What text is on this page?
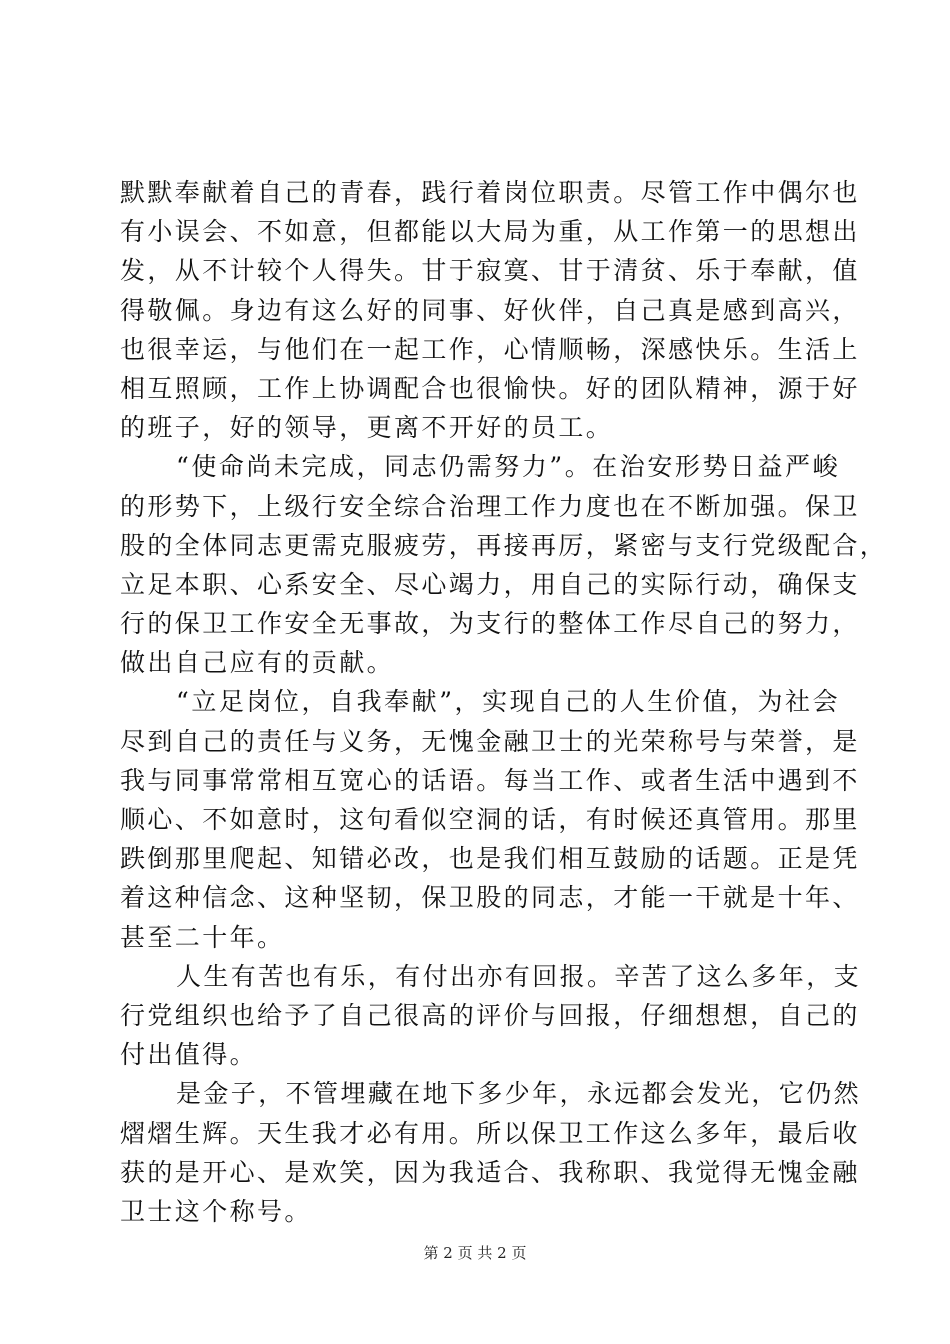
默默奉献着自己的青春，践行着岗位职责。尽管工作中偶尔也
有小误会、不如意，但都能以大局为重，从工作第一的思想出
发，从不计较个人得失。甘于寂寞、甘于清贫、乐于奉献，值
得敬佩。身边有这么好的同事、好伙伴，自己真是感到高兴，
也很幸运，与他们在一起工作，心情顺畅，深感快乐。生活上
相互照顾，工作上协调配合也很愉快。好的团队精神，源于好
的班子，好的领导，更离不开好的员工。
“使命尚未完成，同志仍需努力”。在治安形势日益严峻
的形势下，上级行安全综合治理工作力度也在不断加强。保卫
股的全体同志更需克服疲劳，再接再厉，紧密与支行党级配合，
立足本职、心系安全、尽心竭力，用自己的实际行动，确保支
行的保卫工作安全无事故，为支行的整体工作尽自己的努力，
做出自己应有的贡献。
“立足岗位，自我奉献”，实现自己的人生价值，为社会
尽到自己的责任与义务，无愧金融卫士的光荣称号与荣誉，是
我与同事常常相互宽心的话语。每当工作、或者生活中遇到不
顺心、不如意时，这句看似空洞的话，有时候还真管用。那里
跌倒那里爬起、知错必改，也是我们相互鼓励的话题。正是凭
着这种信念、这种坚韧，保卫股的同志，才能一干就是十年、
甚至二十年。
人生有苦也有乐，有付出亦有回报。辛苦了这么多年，支
行党组织也给予了自己很高的评价与回报，仔细想想，自己的
付出值得。
是金子，不管埋藏在地下多少年，永远都会发光，它仍然
熠熠生辉。天生我才必有用。所以保卫工作这么多年，最后收
获的是开心、是欢笑，因为我适合、我称职、我觉得无愧金融
卫士这个称号。
第 2 页 共 2 页
